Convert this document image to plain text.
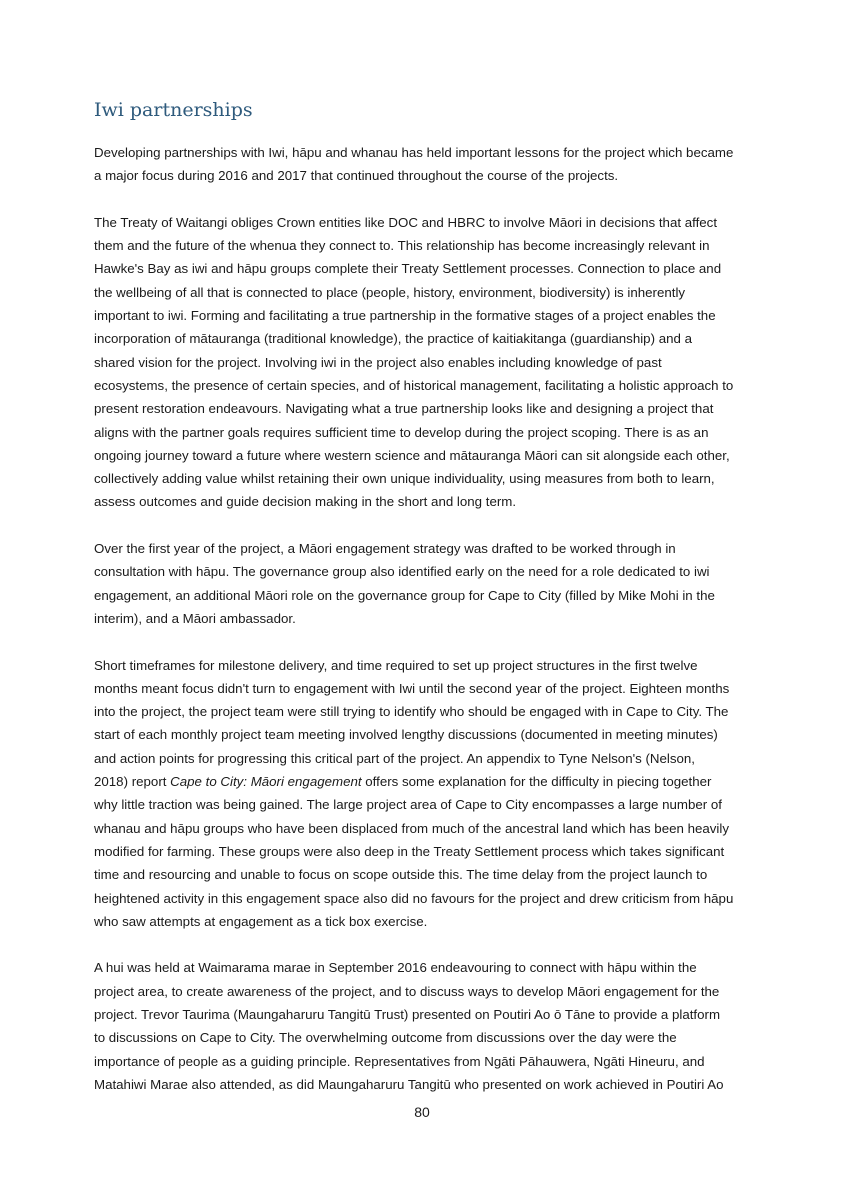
Iwi partnerships
Developing partnerships with Iwi, hāpu and whanau has held important lessons for the project which became
a major focus during 2016 and 2017 that continued throughout the course of the projects.
The Treaty of Waitangi obliges Crown entities like DOC and HBRC to involve Māori in decisions that affect
them and the future of the whenua they connect to. This relationship has become increasingly relevant in
Hawke's Bay as iwi and hāpu groups complete their Treaty Settlement processes. Connection to place and
the wellbeing of all that is connected to place (people, history, environment, biodiversity) is inherently
important to iwi. Forming and facilitating a true partnership in the formative stages of a project enables the
incorporation of mātauranga (traditional knowledge), the practice of kaitiakitanga (guardianship) and a
shared vision for the project. Involving iwi in the project also enables including knowledge of past
ecosystems, the presence of certain species, and of historical management, facilitating a holistic approach to
present restoration endeavours. Navigating what a true partnership looks like and designing a project that
aligns with the partner goals requires sufficient time to develop during the project scoping. There is as an
ongoing journey toward a future where western science and mātauranga Māori can sit alongside each other,
collectively adding value whilst retaining their own unique individuality, using measures from both to learn,
assess outcomes and guide decision making in the short and long term.
Over the first year of the project, a Māori engagement strategy was drafted to be worked through in
consultation with hāpu. The governance group also identified early on the need for a role dedicated to iwi
engagement, an additional Māori role on the governance group for Cape to City (filled by Mike Mohi in the
interim), and a Māori ambassador.
Short timeframes for milestone delivery, and time required to set up project structures in the first twelve
months meant focus didn't turn to engagement with Iwi until the second year of the project. Eighteen months
into the project, the project team were still trying to identify who should be engaged with in Cape to City. The
start of each monthly project team meeting involved lengthy discussions (documented in meeting minutes)
and action points for progressing this critical part of the project. An appendix to Tyne Nelson's (Nelson,
2018) report Cape to City: Māori engagement offers some explanation for the difficulty in piecing together
why little traction was being gained. The large project area of Cape to City encompasses a large number of
whanau and hāpu groups who have been displaced from much of the ancestral land which has been heavily
modified for farming. These groups were also deep in the Treaty Settlement process which takes significant
time and resourcing and unable to focus on scope outside this. The time delay from the project launch to
heightened activity in this engagement space also did no favours for the project and drew criticism from hāpu
who saw attempts at engagement as a tick box exercise.
A hui was held at Waimarama marae in September 2016 endeavouring to connect with hāpu within the
project area, to create awareness of the project, and to discuss ways to develop Māori engagement for the
project. Trevor Taurima (Maungaharuru Tangitū Trust) presented on Poutiri Ao ō Tāne to provide a platform
to discussions on Cape to City. The overwhelming outcome from discussions over the day were the
importance of people as a guiding principle. Representatives from Ngāti Pāhauwera, Ngāti Hineuru, and
Matahiwi Marae also attended, as did Maungaharuru Tangitū who presented on work achieved in Poutiri Ao
80
